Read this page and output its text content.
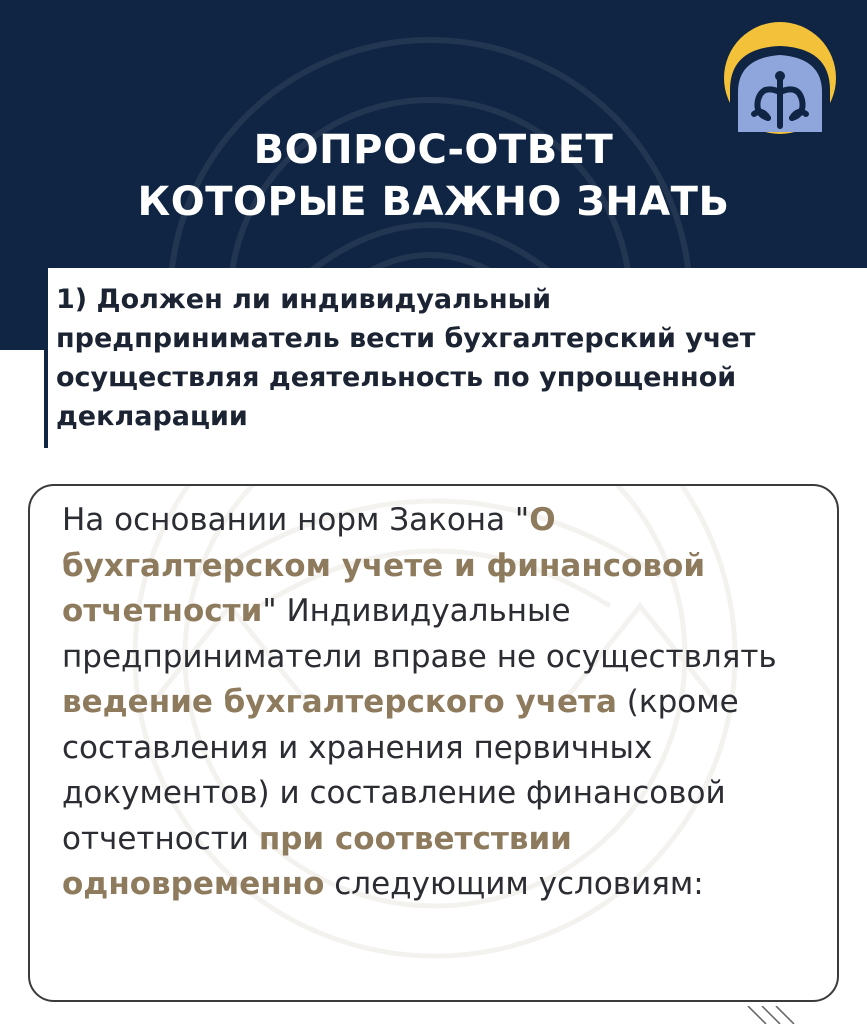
ВОПРОС-ОТВЕТ
КОТОРЫЕ ВАЖНО ЗНАТЬ
1) Должен ли индивидуальный предприниматель вести бухгалтерский учет осуществляя деятельность по упрощенной декларации
На основании норм Закона "О бухгалтерском учете и финансовой отчетности" Индивидуальные предприниматели вправе не осуществлять ведение бухгалтерского учета (кроме составления и хранения первичных документов) и составление финансовой отчетности при соответствии одновременно следующим условиям:
